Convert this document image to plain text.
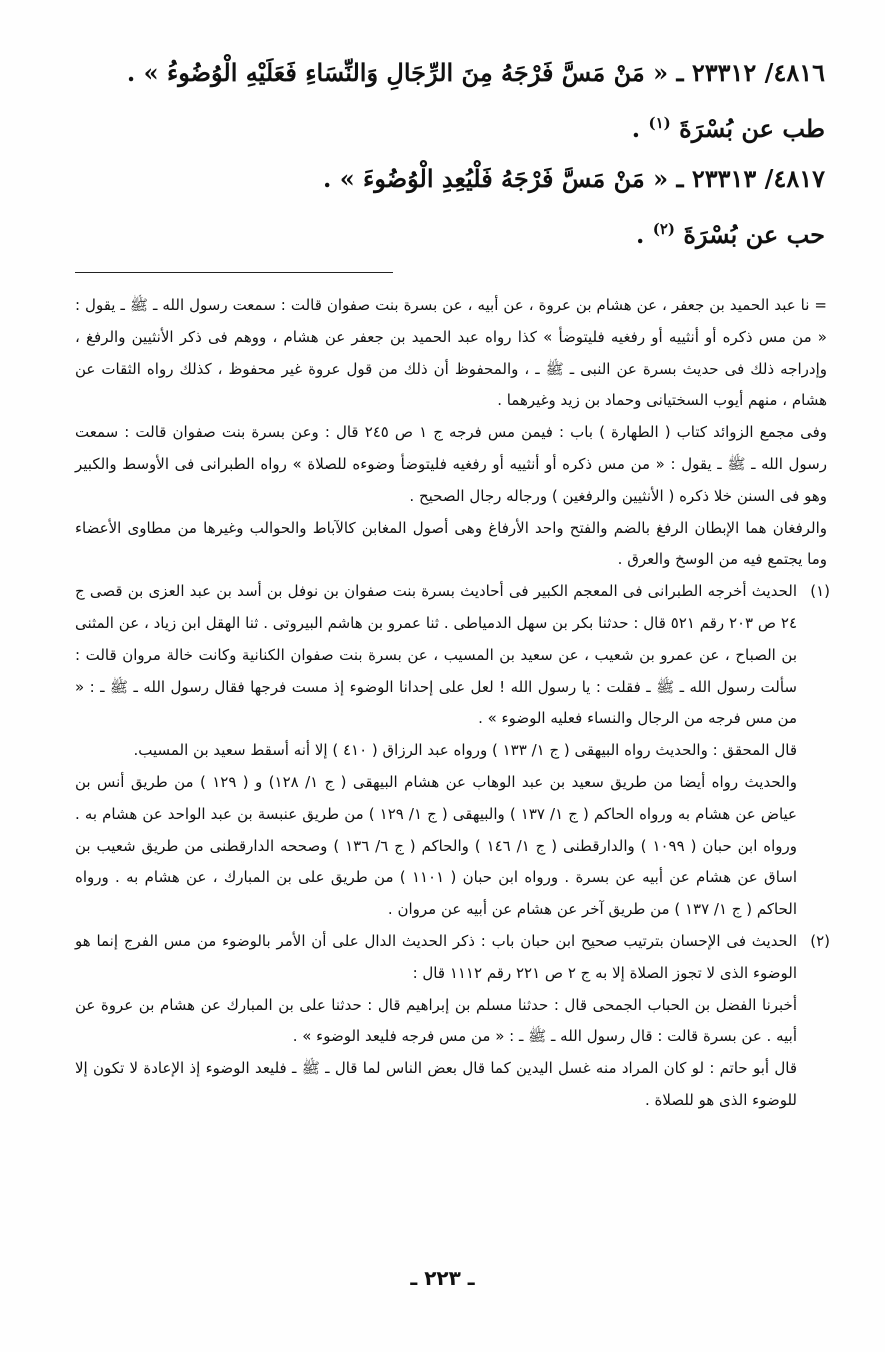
٤٨١٦/ ٢٣٣١٢ ـ « مَنْ مَسَّ فَرْجَهُ مِنَ الرِّجَالِ وَالنِّسَاءِ فَعَلَيْهِ الْوُضُوءُ » .
طب عن بُسْرَةَ $^{(١)}$ .
٤٨١٧/ ٢٣٣١٣ ـ « مَنْ مَسَّ فَرْجَهُ فَلْيُعِدِ الْوُضُوءَ » .
حب عن بُسْرَةَ $^{(٢)}$ .

= نا عبد الحميد بن جعفر ، عن هشام بن عروة ، عن أبيه ، عن بسرة بنت صفوان قالت : سمعت رسول الله ـ ﷺ ـ يقول : « من مس ذكره أو أنثييه أو رفغيه فليتوضأ » كذا رواه عبد الحميد بن جعفر عن هشام ، ووهم فى ذكر الأنثيين والرفغ ، وإدراجه ذلك فى حديث بسرة عن النبى ـ ﷺ ـ ، والمحفوظ أن ذلك من قول عروة غير محفوظ ، كذلك رواه الثقات عن هشام ، منهم أيوب السختيانى وحماد بن زيد وغيرهما .

وفى مجمع الزوائد كتاب ( الطهارة ) باب : فيمن مس فرجه ج ١ ص ٢٤٥ قال : وعن بسرة بنت صفوان قالت : سمعت رسول الله ـ ﷺ ـ يقول : « من مس ذكره أو أنثييه أو رفغيه فليتوضأ وضوءه للصلاة » رواه الطبرانى فى الأوسط والكبير وهو فى السنن خلا ذكره ( الأنثيين والرفغين ) ورجاله رجال الصحيح .

والرفغان هما الإبطان الرفغ بالضم والفتح واحد الأرفاغ وهى أصول المغابن كالآباط والحوالب وغيرها من مطاوى الأعضاء وما يجتمع فيه من الوسخ والعرق .

(١)

الحديث أخرجه الطبرانى فى المعجم الكبير فى أحاديث بسرة بنت صفوان بن نوفل بن أسد بن عبد العزى بن قصى ج ٢٤ ص ٢٠٣ رقم ٥٢١ قال : حدثنا بكر بن سهل الدمياطى . ثنا عمرو بن هاشم البيروتى . ثنا الهقل ابن زياد ، عن المثنى بن الصباح ، عن عمرو بن شعيب ، عن سعيد بن المسيب ، عن بسرة بنت صفوان الكنانية وكانت خالة مروان قالت : سألت رسول الله ـ ﷺ ـ فقلت : يا رسول الله ! لعل على إحدانا الوضوء إذ مست فرجها فقال رسول الله ـ ﷺ ـ : « من مس فرجه من الرجال والنساء فعليه الوضوء » .

قال المحقق : والحديث رواه البيهقى ( ج ١/ ١٣٣ ) ورواه عبد الرزاق ( ٤١٠ ) إلا أنه أسقط سعيد بن المسيب.

والحديث رواه أيضا من طريق سعيد بن عبد الوهاب عن هشام البيهقى ( ج ١/ ١٢٨) و ( ١٢٩ ) من طريق أنس بن عياض عن هشام به ورواه الحاكم ( ج ١/ ١٣٧ ) والبيهقى ( ج ١/ ١٢٩ ) من طريق عنبسة بن عبد الواحد عن هشام به . ورواه ابن حبان ( ١٠٩٩ ) والدارقطنى ( ج ١/ ١٤٦ ) والحاكم ( ج ٦/ ١٣٦ ) وصححه الدارقطنى من طريق شعيب بن اساق عن هشام عن أبيه عن بسرة . ورواه ابن حبان ( ١١٠١ ) من طريق على بن المبارك ، عن هشام به . ورواه الحاكم ( ج ١/ ١٣٧ ) من طريق آخر عن هشام عن أبيه عن مروان .

(٢)

الحديث فى الإحسان بترتيب صحيح ابن حبان باب : ذكر الحديث الدال على أن الأمر بالوضوء من مس الفرج إنما هو الوضوء الذى لا تجوز الصلاة إلا به ج ٢ ص ٢٢١ رقم ١١١٢ قال :

أخبرنا الفضل بن الحباب الجمحى قال : حدثنا مسلم بن إبراهيم قال : حدثنا على بن المبارك عن هشام بن عروة عن أبيه . عن بسرة قالت : قال رسول الله ـ ﷺ ـ : « من مس فرجه فليعد الوضوء » .

قال أبو حاتم : لو كان المراد منه غسل اليدين كما قال بعض الناس لما قال ـ ﷺ ـ فليعد الوضوء إذ الإعادة لا تكون إلا للوضوء الذى هو للصلاة .

ـ ٢٢٣ ـ
